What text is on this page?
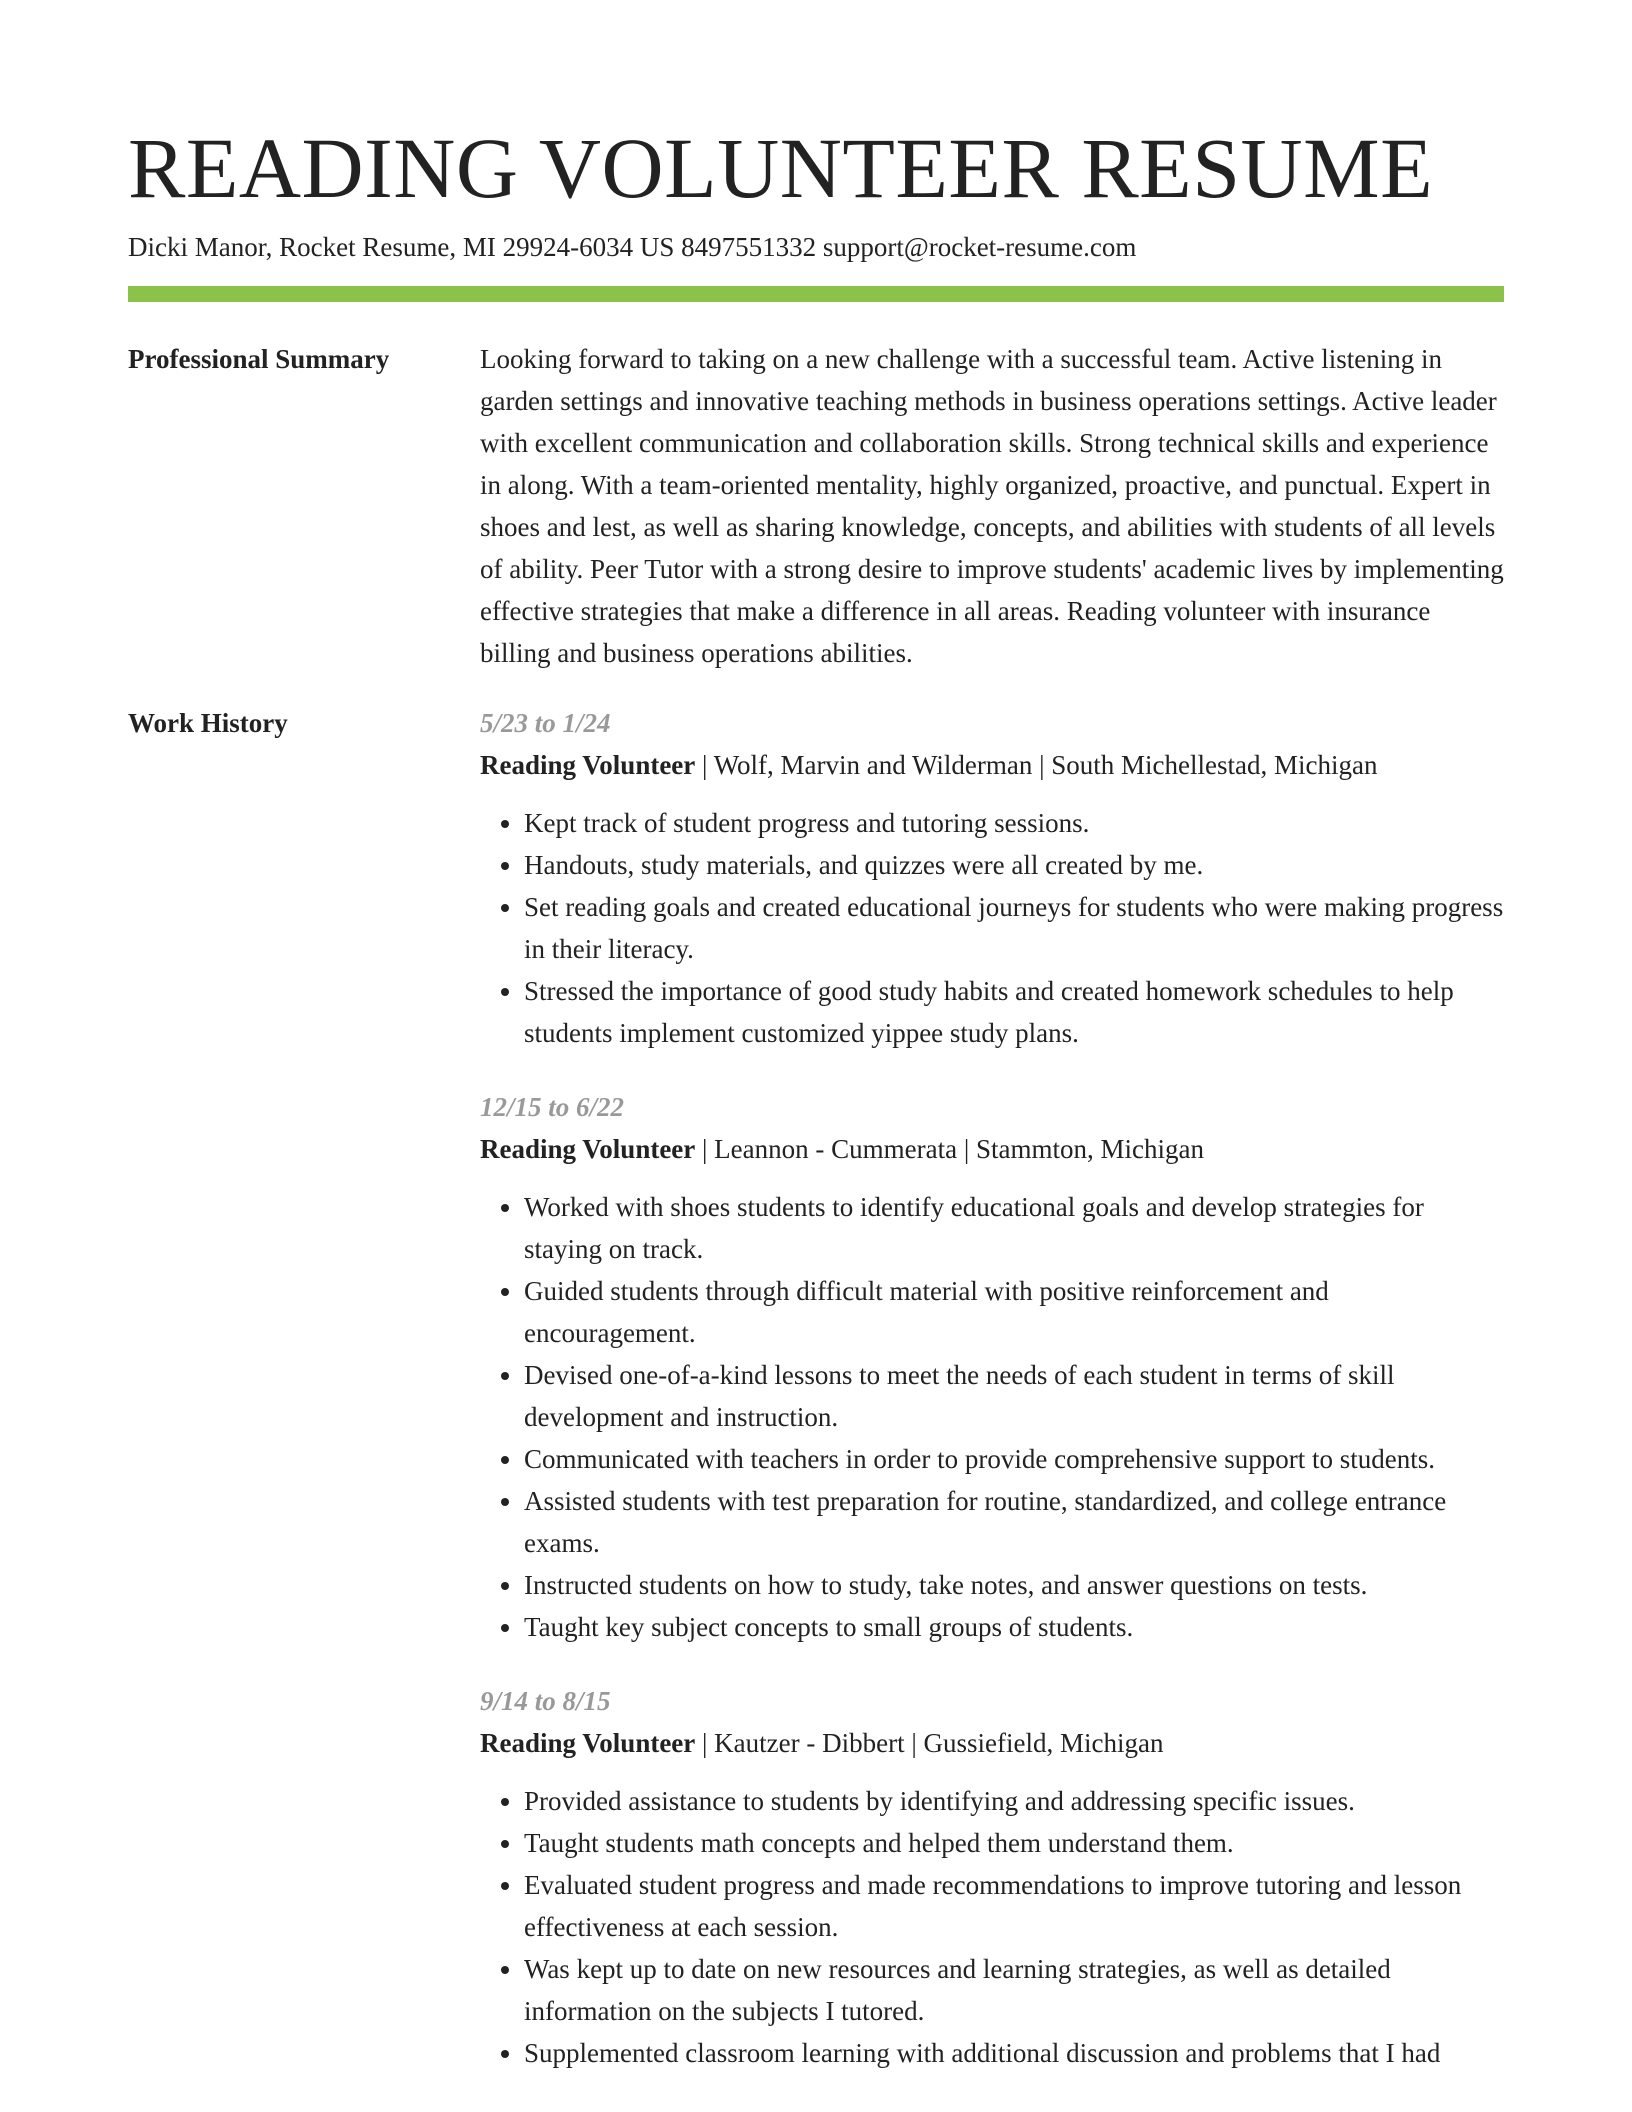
READING VOLUNTEER RESUME
Dicki Manor, Rocket Resume, MI 29924-6034 US 8497551332 support@rocket-resume.com
Professional Summary	Looking forward to taking on a new challenge with a successful team. Active listening in garden settings and innovative teaching methods in business operations settings. Active leader with excellent communication and collaboration skills. Strong technical skills and experience in along. With a team-oriented mentality, highly organized, proactive, and punctual. Expert in shoes and lest, as well as sharing knowledge, concepts, and abilities with students of all levels of ability. Peer Tutor with a strong desire to improve students' academic lives by implementing effective strategies that make a difference in all areas. Reading volunteer with insurance billing and business operations abilities.

Work History	5/23 to 1/24
Reading Volunteer | Wolf, Marvin and Wilderman | South Michellestad, Michigan
• Kept track of student progress and tutoring sessions.
• Handouts, study materials, and quizzes were all created by me.
• Set reading goals and created educational journeys for students who were making progress in their literacy.
• Stressed the importance of good study habits and created homework schedules to help students implement customized yippee study plans.
12/15 to 6/22
Reading Volunteer | Leannon - Cummerata | Stammton, Michigan
• Worked with shoes students to identify educational goals and develop strategies for staying on track.
• Guided students through difficult material with positive reinforcement and encouragement.
• Devised one-of-a-kind lessons to meet the needs of each student in terms of skill development and instruction.
• Communicated with teachers in order to provide comprehensive support to students.
• Assisted students with test preparation for routine, standardized, and college entrance exams.
• Instructed students on how to study, take notes, and answer questions on tests.
• Taught key subject concepts to small groups of students.
9/14 to 8/15
Reading Volunteer | Kautzer - Dibbert | Gussiefield, Michigan
• Provided assistance to students by identifying and addressing specific issues.
• Taught students math concepts and helped them understand them.
• Evaluated student progress and made recommendations to improve tutoring and lesson effectiveness at each session.
• Was kept up to date on new resources and learning strategies, as well as detailed information on the subjects I tutored.
• Supplemented classroom learning with additional discussion and problems that I had
